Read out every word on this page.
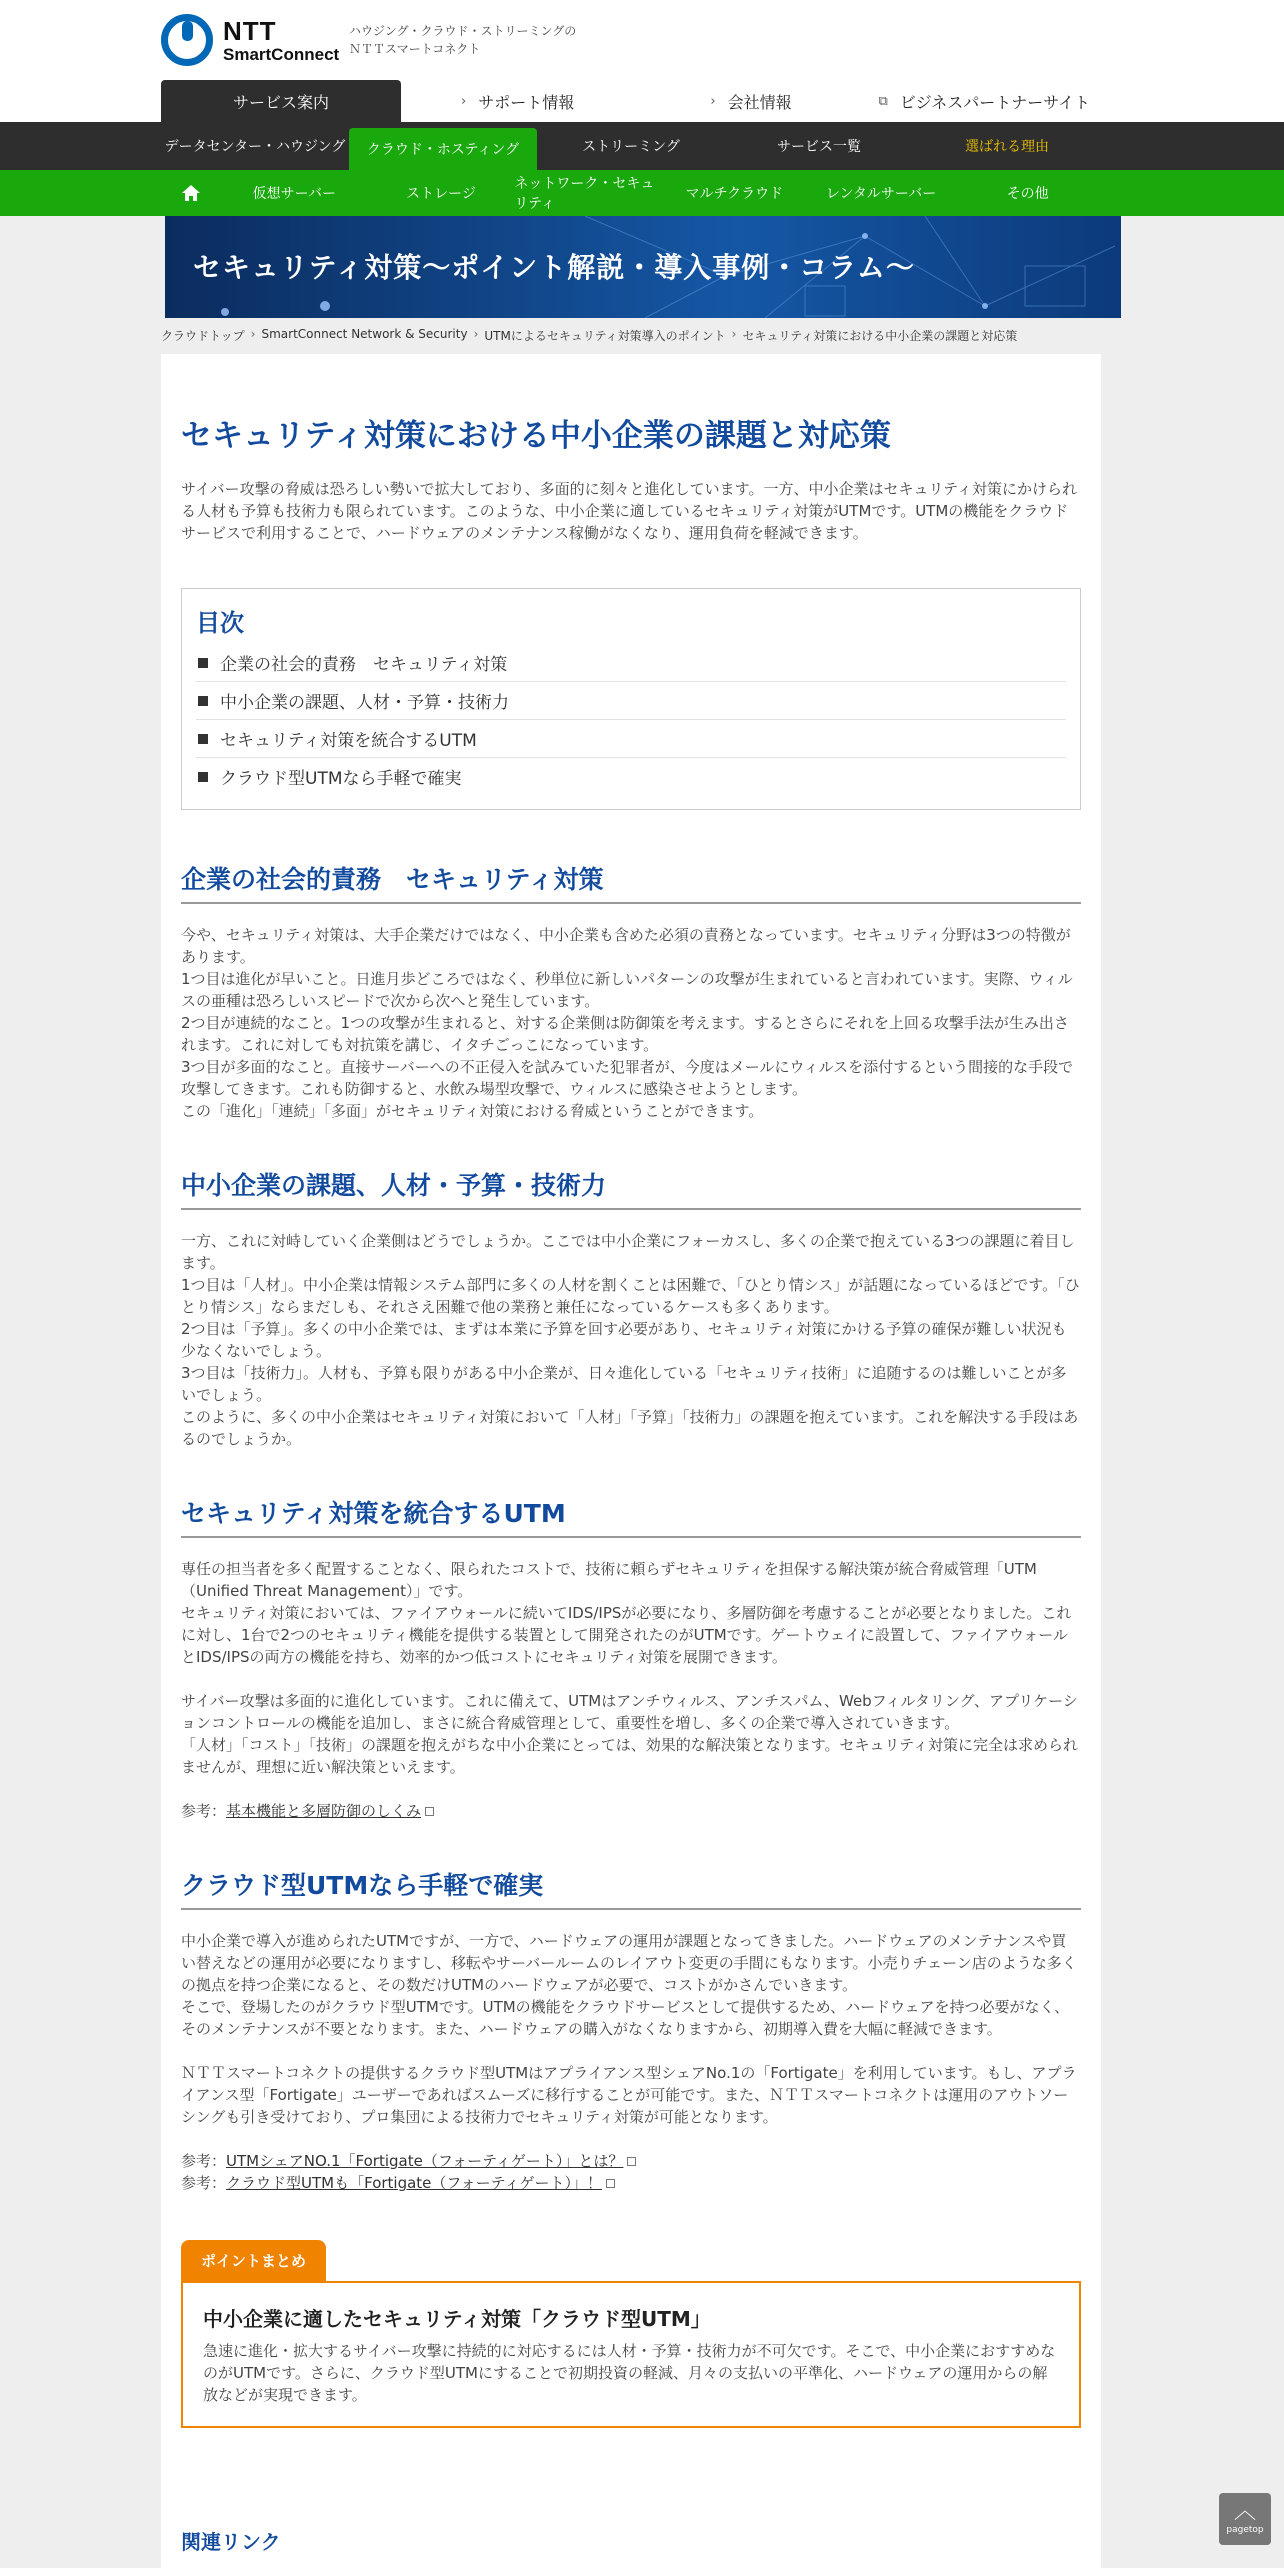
NTT
SmartConnect
ハウジング・クラウド・ストリーミングの
ＮＴＴスマートコネクト
サービス案内	› サポート情報	› 会社情報	⧉ ビジネスパートナーサイト
データセンター・ハウジング	クラウド・ホスティング	ストリーミング	サービス一覧	選ばれる理由
仮想サーバー	ストレージ
ネットワーク・セキュリティ
マルチクラウド	レンタルサーバー	その他
セキュリティ対策～ポイント解説・導入事例・コラム～
クラウドトップ › SmartConnect Network & Security › UTMによるセキュリティ対策導入のポイント › セキュリティ対策における中小企業の課題と対応策
セキュリティ対策における中小企業の課題と対応策

サイバー攻撃の脅威は恐ろしい勢いで拡大しており、多面的に刻々と進化しています。一方、中小企業はセキュリティ対策にかけられる人材も予算も技術力も限られています。このような、中小企業に適しているセキュリティ対策がUTMです。UTMの機能をクラウドサービスで利用することで、ハードウェアのメンテナンス稼働がなくなり、運用負荷を軽減できます。

目次
企業の社会的責務　セキュリティ対策
中小企業の課題、人材・予算・技術力
セキュリティ対策を統合するUTM
クラウド型UTMなら手軽で確実
企業の社会的責務　セキュリティ対策

今や、セキュリティ対策は、大手企業だけではなく、中小企業も含めた必須の責務となっています。セキュリティ分野は3つの特徴があります。

1つ目は進化が早いこと。日進月歩どころではなく、秒単位に新しいパターンの攻撃が生まれていると言われています。実際、ウィルスの亜種は恐ろしいスピードで次から次へと発生しています。

2つ目が連続的なこと。1つの攻撃が生まれると、対する企業側は防御策を考えます。するとさらにそれを上回る攻撃手法が生み出されます。これに対しても対抗策を講じ、イタチごっこになっています。

3つ目が多面的なこと。直接サーバーへの不正侵入を試みていた犯罪者が、今度はメールにウィルスを添付するという間接的な手段で攻撃してきます。これも防御すると、水飲み場型攻撃で、ウィルスに感染させようとします。

この「進化」「連続」「多面」がセキュリティ対策における脅威ということができます。

中小企業の課題、人材・予算・技術力

一方、これに対峙していく企業側はどうでしょうか。ここでは中小企業にフォーカスし、多くの企業で抱えている3つの課題に着目します。

1つ目は「人材」。中小企業は情報システム部門に多くの人材を割くことは困難で、「ひとり情シス」が話題になっているほどです。「ひとり情シス」ならまだしも、それさえ困難で他の業務と兼任になっているケースも多くあります。

2つ目は「予算」。多くの中小企業では、まずは本業に予算を回す必要があり、セキュリティ対策にかける予算の確保が難しい状況も少なくないでしょう。

3つ目は「技術力」。人材も、予算も限りがある中小企業が、日々進化している「セキュリティ技術」に追随するのは難しいことが多いでしょう。

このように、多くの中小企業はセキュリティ対策において「人材」「予算」「技術力」の課題を抱えています。これを解決する手段はあるのでしょうか。

セキュリティ対策を統合するUTM

専任の担当者を多く配置することなく、限られたコストで、技術に頼らずセキュリティを担保する解決策が統合脅威管理「UTM（Unified Threat Management）」です。

セキュリティ対策においては、ファイアウォールに続いてIDS/IPSが必要になり、多層防御を考慮することが必要となりました。これに対し、1台で2つのセキュリティ機能を提供する装置として開発されたのがUTMです。ゲートウェイに設置して、ファイアウォールとIDS/IPSの両方の機能を持ち、効率的かつ低コストにセキュリティ対策を展開できます。

サイバー攻撃は多面的に進化しています。これに備えて、UTMはアンチウィルス、アンチスパム、Webフィルタリング、アプリケーションコントロールの機能を追加し、まさに統合脅威管理として、重要性を増し、多くの企業で導入されていきます。

「人材」「コスト」「技術」の課題を抱えがちな中小企業にとっては、効果的な解決策となります。セキュリティ対策に完全は求められませんが、理想に近い解決策といえます。

参考：基本機能と多層防御のしくみ

クラウド型UTMなら手軽で確実

中小企業で導入が進められたUTMですが、一方で、ハードウェアの運用が課題となってきました。ハードウェアのメンテナンスや買い替えなどの運用が必要になりますし、移転やサーバールームのレイアウト変更の手間にもなります。小売りチェーン店のような多くの拠点を持つ企業になると、その数だけUTMのハードウェアが必要で、コストがかさんでいきます。

そこで、登場したのがクラウド型UTMです。UTMの機能をクラウドサービスとして提供するため、ハードウェアを持つ必要がなく、そのメンテナンスが不要となります。また、ハードウェアの購入がなくなりますから、初期導入費を大幅に軽減できます。

ＮＴＴスマートコネクトの提供するクラウド型UTMはアプライアンス型シェアNo.1の「Fortigate」を利用しています。もし、アプライアンス型「Fortigate」ユーザーであればスムーズに移行することが可能です。また、ＮＴＴスマートコネクトは運用のアウトソーシングも引き受けており、プロ集団による技術力でセキュリティ対策が可能となります。

参考：UTMシェアNO.1「Fortigate（フォーティゲート）」とは？

参考：クラウド型UTMも「Fortigate（フォーティゲート）」！

ポイントまとめ
中小企業に適したセキュリティ対策「クラウド型UTM」

急速に進化・拡大するサイバー攻撃に持続的に対応するには人材・予算・技術力が不可欠です。そこで、中小企業におすすめなのがUTMです。さらに、クラウド型UTMにすることで初期投資の軽減、月々の支払いの平準化、ハードウェアの運用からの解放などが実現できます。

関連リンク
︿
pagetop
